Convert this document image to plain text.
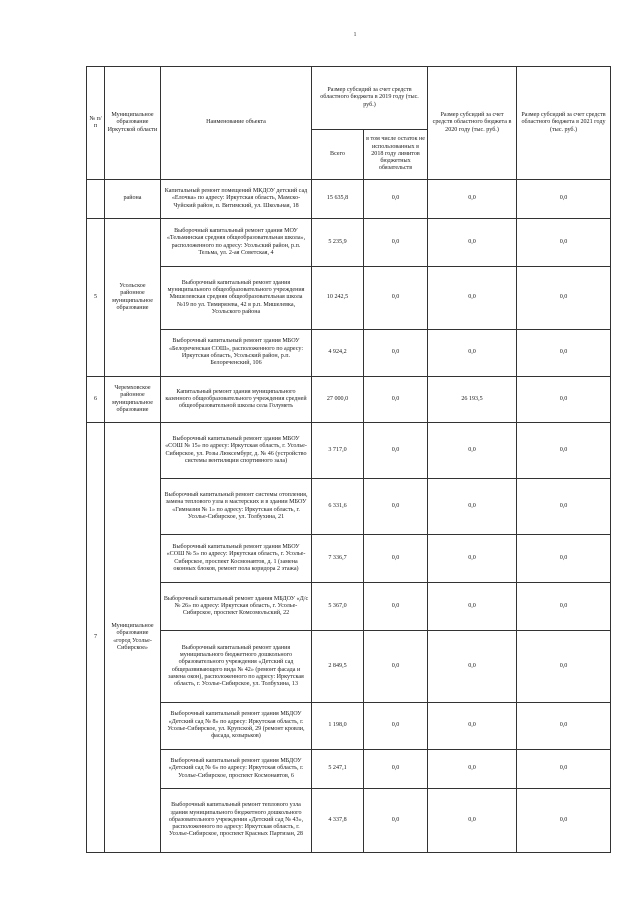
1
№ п/п	Муниципальное образование Иркутской области	Наименование объекта	Размер субсидий за счет средств областного бюджета в 2019 году (тыс. руб.)		Размер субсидий за счет средств областного бюджета в 2020 году (тыс. руб.)	Размер субсидий за счет средств областного бюджета в 2021 году (тыс. руб.)
			Всего	в том числе остаток не использованных в 2018 году лимитов бюджетных обязательств		
	района	Капитальный ремонт помещений МКДОУ детский сад «Елочка» по адресу: Иркутская область, Мамско-Чуйский район, п. Витимский, ул. Школьная, 18	15 635,8	0,0	0,0	0,0
5	Усольское районное муниципальное образование	Выборочный капитальный ремонт здания МОУ «Тельминская средняя общеобразовательная школа», расположенного по адресу: Усольский район, р.п. Тельма, ул. 2-ая Советская, 4	5 235,9	0,0	0,0	0,0
		Выборочный капитальный ремонт здания муниципального общеобразовательного учреждения Мишелевская средняя общеобразовательная школа №19 по ул. Тимирязева, 42 в р.п. Мишелевка, Усольского района	10 242,5	0,0	0,0	0,0
		Выборочный капитальный ремонт здания МБОУ «Белореченская СОШ», расположенного по адресу: Иркутская область, Усольский район, р.п. Белореченский, 106	4 924,2	0,0	0,0	0,0
6	Черемховское районное муниципальное образование	Капитальный ремонт здания муниципального казенного общеобразовательного учреждения средней общеобразовательной школы села Голуметь	27 000,0	0,0	26 193,5	0,0
7	Муниципальное образование «город Усолье-Сибирское»	Выборочный капитальный ремонт здания МБОУ «СОШ № 15» по адресу: Иркутская область, г. Усолье-Сибирское, ул. Розы Люксембург, д. № 46 (устройство системы вентиляции спортивного зала)	3 717,0	0,0	0,0	0,0
		Выборочный капитальный ремонт системы отопления, замена теплового узла в мастерских и в здании МБОУ «Гимназия № 1» по адресу: Иркутская область, г. Усолье-Сибирское, ул. Толбухина, 21	6 331,6	0,0	0,0	0,0
		Выборочный капитальный ремонт здания МБОУ «СОШ № 5» по адресу: Иркутская область, г. Усолье-Сибирское, проспект Космонавтов, д. 1 (замена оконных блоков, ремонт пола коридора 2 этажа)	7 336,7	0,0	0,0	0,0
		Выборочный капитальный ремонт здания МБДОУ «Д/с № 26» по адресу: Иркутская область, г. Усолье-Сибирское, проспект Комсомольский, 22	5 367,0	0,0	0,0	0,0
		Выборочный капитальный ремонт здания муниципального бюджетного дошкольного образовательного учреждения «Детский сад общеразвивающего вида № 42» (ремонт фасада и замена окон), расположенного по адресу: Иркутская область, г. Усолье-Сибирское, ул. Толбухина, 13	2 849,5	0,0	0,0	0,0
		Выборочный капитальный ремонт здания МБДОУ «Детский сад № 8» по адресу: Иркутская область, г. Усолье-Сибирское, ул. Крупской, 29 (ремонт кровли, фасада, козырьков)	1 198,0	0,0	0,0	0,0
		Выборочный капитальный ремонт здания МБДОУ «Детский сад № 6» по адресу: Иркутская область, г. Усолье-Сибирское, проспект Космонавтов, 6	5 247,1	0,0	0,0	0,0
		Выборочный капитальный ремонт теплового узла здания муниципального бюджетного дошкольного образовательного учреждения «Детский сад № 43», расположенного по адресу: Иркутская область, г. Усолье-Сибирское, проспект Красных Партизан, 28	4 337,8	0,0	0,0	0,0
